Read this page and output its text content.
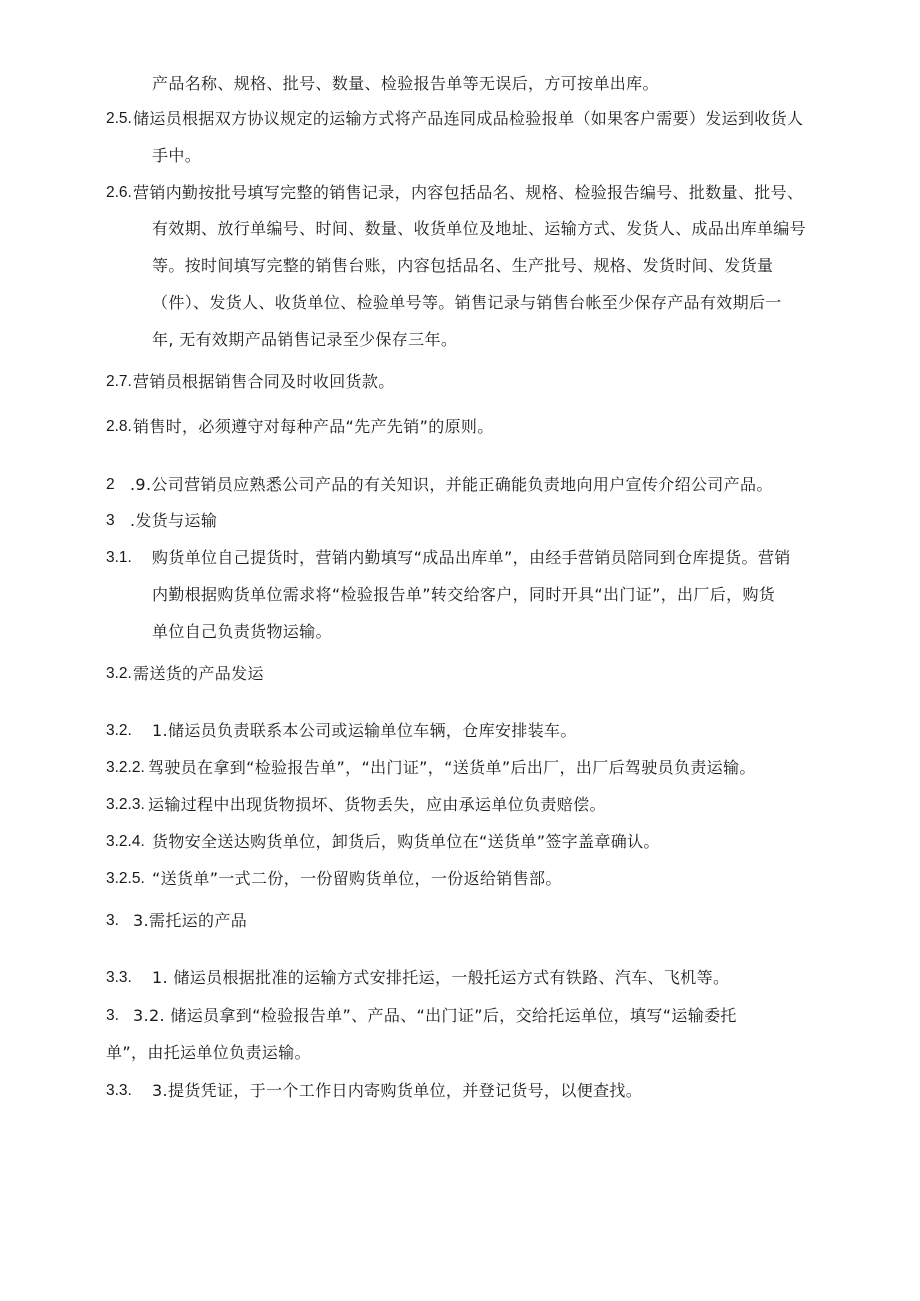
产品名称、规格、批号、数量、检验报告单等无误后，方可按单出库。
2.5. 储运员根据双方协议规定的运输方式将产品连同成品检验报单（如果客户需要）发运到收货人
手中。
2.6. 营销内勤按批号填写完整的销售记录，内容包括品名、规格、检验报告编号、批数量、批号、
有效期、放行单编号、时间、数量、收货单位及地址、运输方式、发货人、成品出库单编号
等。按时间填写完整的销售台账，内容包括品名、生产批号、规格、发货时间、发货量
（件）、发货人、收货单位、检验单号等。销售记录与销售台帐至少保存产品有效期后一
年, 无有效期产品销售记录至少保存三年。
2.7. 营销员根据销售合同及时收回货款。
2.8. 销售时，必须遵守对每种产品“先产先销”的原则。
2 .9.公司营销员应熟悉公司产品的有关知识，并能正确能负责地向用户宣传介绍公司产品。
3 .发货与运输
3.1. 购货单位自己提货时，营销内勤填写“成品出库单”，由经手营销员陪同到仓库提货。营销
内勤根据购货单位需求将“检验报告单”转交给客户，同时开具“出门证”，出厂后，购货
单位自己负责货物运输。
3.2. 需送货的产品发运
3.2. 1.储运员负责联系本公司或运输单位车辆，仓库安排装车。
3.2.2. 驾驶员在拿到“检验报告单”，“出门证”，“送货单”后出厂，出厂后驾驶员负责运输。
3.2.3. 运输过程中出现货物损坏、货物丢失，应由承运单位负责赔偿。
3.2.4. 货物安全送达购货单位，卸货后，购货单位在“送货单”签字盖章确认。
3.2.5. “送货单”一式二份，一份留购货单位，一份返给销售部。
3. 3.需托运的产品
3.3. 1. 储运员根据批准的运输方式安排托运，一般托运方式有铁路、汽车、飞机等。
3. 3.2. 储运员拿到“检验报告单”、产品、“出门证”后，交给托运单位，填写“运输委托
单”，由托运单位负责运输。
3.3. 3.提货凭证，于一个工作日内寄购货单位，并登记货号，以便查找。
